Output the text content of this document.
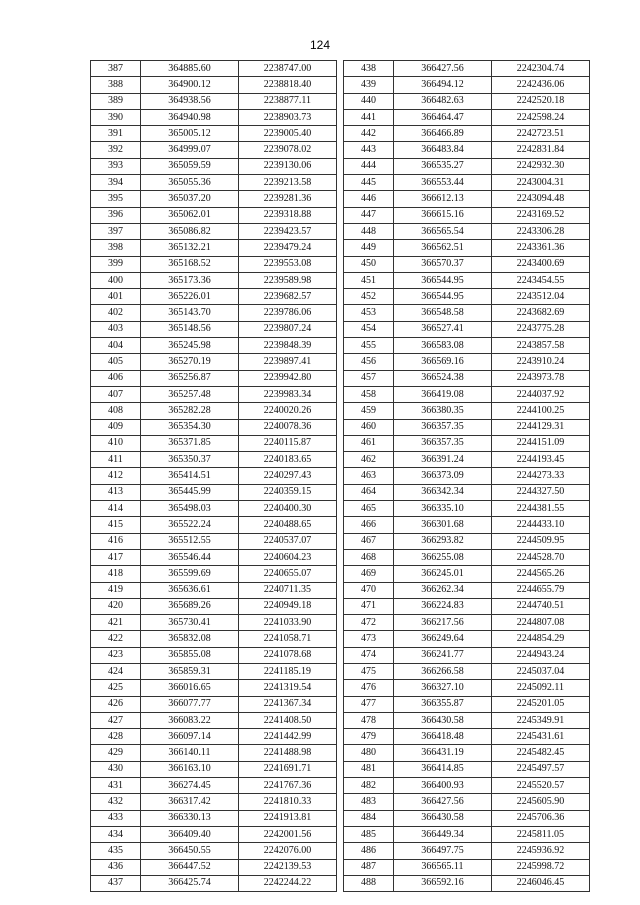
124
387	364885.60	2238747.00
388	364900.12	2238818.40
389	364938.56	2238877.11
390	364940.98	2238903.73
391	365005.12	2239005.40
392	364999.07	2239078.02
393	365059.59	2239130.06
394	365055.36	2239213.58
395	365037.20	2239281.36
396	365062.01	2239318.88
397	365086.82	2239423.57
398	365132.21	2239479.24
399	365168.52	2239553.08
400	365173.36	2239589.98
401	365226.01	2239682.57
402	365143.70	2239786.06
403	365148.56	2239807.24
404	365245.98	2239848.39
405	365270.19	2239897.41
406	365256.87	2239942.80
407	365257.48	2239983.34
408	365282.28	2240020.26
409	365354.30	2240078.36
410	365371.85	2240115.87
411	365350.37	2240183.65
412	365414.51	2240297.43
413	365445.99	2240359.15
414	365498.03	2240400.30
415	365522.24	2240488.65
416	365512.55	2240537.07
417	365546.44	2240604.23
418	365599.69	2240655.07
419	365636.61	2240711.35
420	365689.26	2240949.18
421	365730.41	2241033.90
422	365832.08	2241058.71
423	365855.08	2241078.68
424	365859.31	2241185.19
425	366016.65	2241319.54
426	366077.77	2241367.34
427	366083.22	2241408.50
428	366097.14	2241442.99
429	366140.11	2241488.98
430	366163.10	2241691.71
431	366274.45	2241767.36
432	366317.42	2241810.33
433	366330.13	2241913.81
434	366409.40	2242001.56
435	366450.55	2242076.00
436	366447.52	2242139.53
437	366425.74	2242244.22
438	366427.56	2242304.74
439	366494.12	2242436.06
440	366482.63	2242520.18
441	366464.47	2242598.24
442	366466.89	2242723.51
443	366483.84	2242831.84
444	366535.27	2242932.30
445	366553.44	2243004.31
446	366612.13	2243094.48
447	366615.16	2243169.52
448	366565.54	2243306.28
449	366562.51	2243361.36
450	366570.37	2243400.69
451	366544.95	2243454.55
452	366544.95	2243512.04
453	366548.58	2243682.69
454	366527.41	2243775.28
455	366583.08	2243857.58
456	366569.16	2243910.24
457	366524.38	2243973.78
458	366419.08	2244037.92
459	366380.35	2244100.25
460	366357.35	2244129.31
461	366357.35	2244151.09
462	366391.24	2244193.45
463	366373.09	2244273.33
464	366342.34	2244327.50
465	366335.10	2244381.55
466	366301.68	2244433.10
467	366293.82	2244509.95
468	366255.08	2244528.70
469	366245.01	2244565.26
470	366262.34	2244655.79
471	366224.83	2244740.51
472	366217.56	2244807.08
473	366249.64	2244854.29
474	366241.77	2244943.24
475	366266.58	2245037.04
476	366327.10	2245092.11
477	366355.87	2245201.05
478	366430.58	2245349.91
479	366418.48	2245431.61
480	366431.19	2245482.45
481	366414.85	2245497.57
482	366400.93	2245520.57
483	366427.56	2245605.90
484	366430.58	2245706.36
485	366449.34	2245811.05
486	366497.75	2245936.92
487	366565.11	2245998.72
488	366592.16	2246046.45
